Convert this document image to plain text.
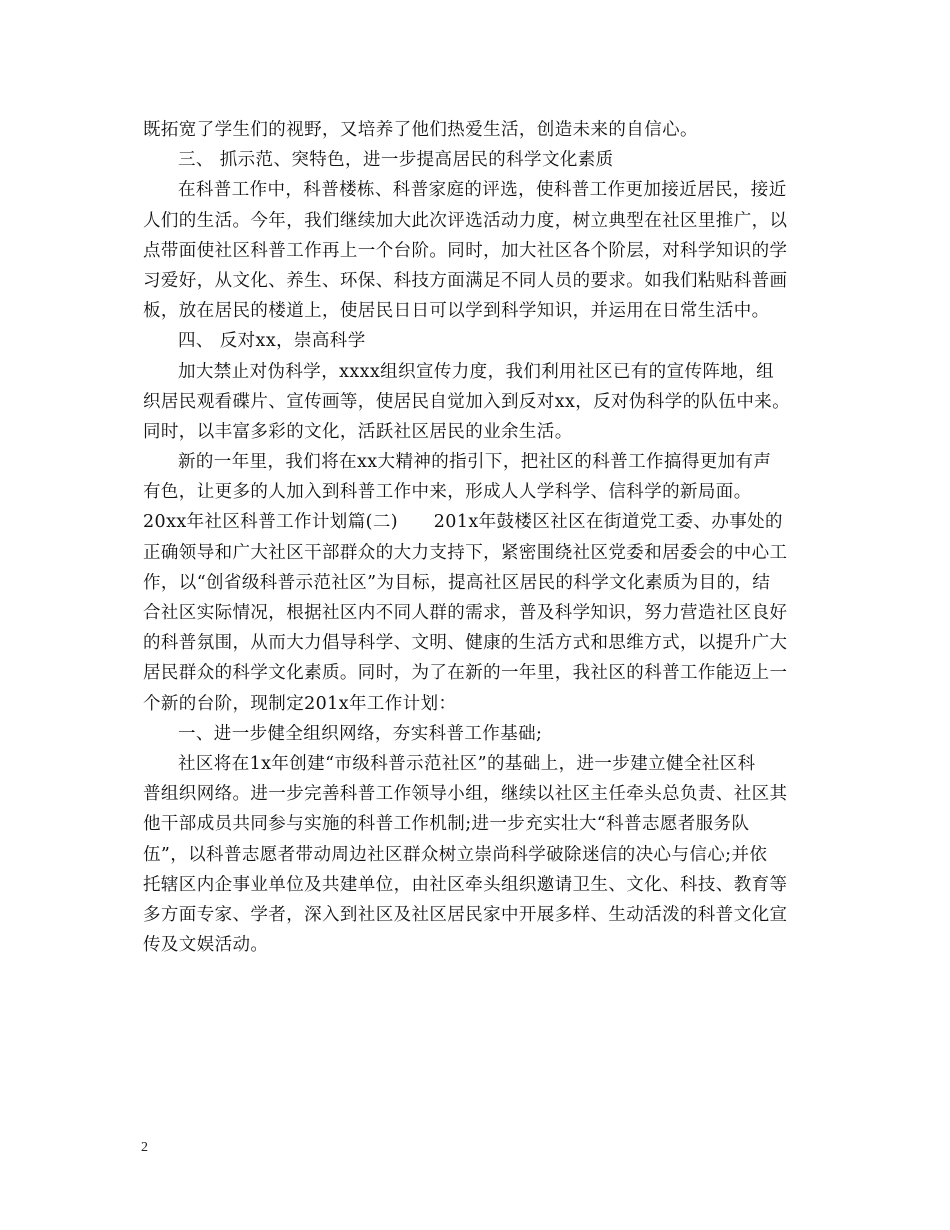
既拓宽了学生们的视野，又培养了他们热爱生活，创造未来的自信心。
三、 抓示范、突特色，进一步提高居民的科学文化素质
在科普工作中，科普楼栋、科普家庭的评选，使科普工作更加接近居民，接近
人们的生活。今年，我们继续加大此次评选活动力度，树立典型在社区里推广，以
点带面使社区科普工作再上一个台阶。同时，加大社区各个阶层，对科学知识的学
习爱好，从文化、养生、环保、科技方面满足不同人员的要求。如我们粘贴科普画
板，放在居民的楼道上，使居民日日可以学到科学知识，并运用在日常生活中。
四、 反对xx，崇高科学
加大禁止对伪科学，xxxx组织宣传力度，我们利用社区已有的宣传阵地，组
织居民观看碟片、宣传画等，使居民自觉加入到反对xx，反对伪科学的队伍中来。
同时，以丰富多彩的文化，活跃社区居民的业余生活。
新的一年里，我们将在xx大精神的指引下，把社区的科普工作搞得更加有声
有色，让更多的人加入到科普工作中来，形成人人学科学、信科学的新局面。
20xx年社区科普工作计划篇(二)　　201x年鼓楼区社区在街道党工委、办事处的
正确领导和广大社区干部群众的大力支持下，紧密围绕社区党委和居委会的中心工
作，以“创省级科普示范社区”为目标，提高社区居民的科学文化素质为目的，结
合社区实际情况，根据社区内不同人群的需求，普及科学知识，努力营造社区良好
的科普氛围，从而大力倡导科学、文明、健康的生活方式和思维方式，以提升广大
居民群众的科学文化素质。同时，为了在新的一年里，我社区的科普工作能迈上一
个新的台阶，现制定201x年工作计划：
一、进一步健全组织网络，夯实科普工作基础;
社区将在1x年创建“市级科普示范社区”的基础上，进一步建立健全社区科
普组织网络。进一步完善科普工作领导小组，继续以社区主任牵头总负责、社区其
他干部成员共同参与实施的科普工作机制;进一步充实壮大“科普志愿者服务队
伍”，以科普志愿者带动周边社区群众树立崇尚科学破除迷信的决心与信心;并依
托辖区内企事业单位及共建单位，由社区牵头组织邀请卫生、文化、科技、教育等
多方面专家、学者，深入到社区及社区居民家中开展多样、生动活泼的科普文化宣
传及文娱活动。
2
